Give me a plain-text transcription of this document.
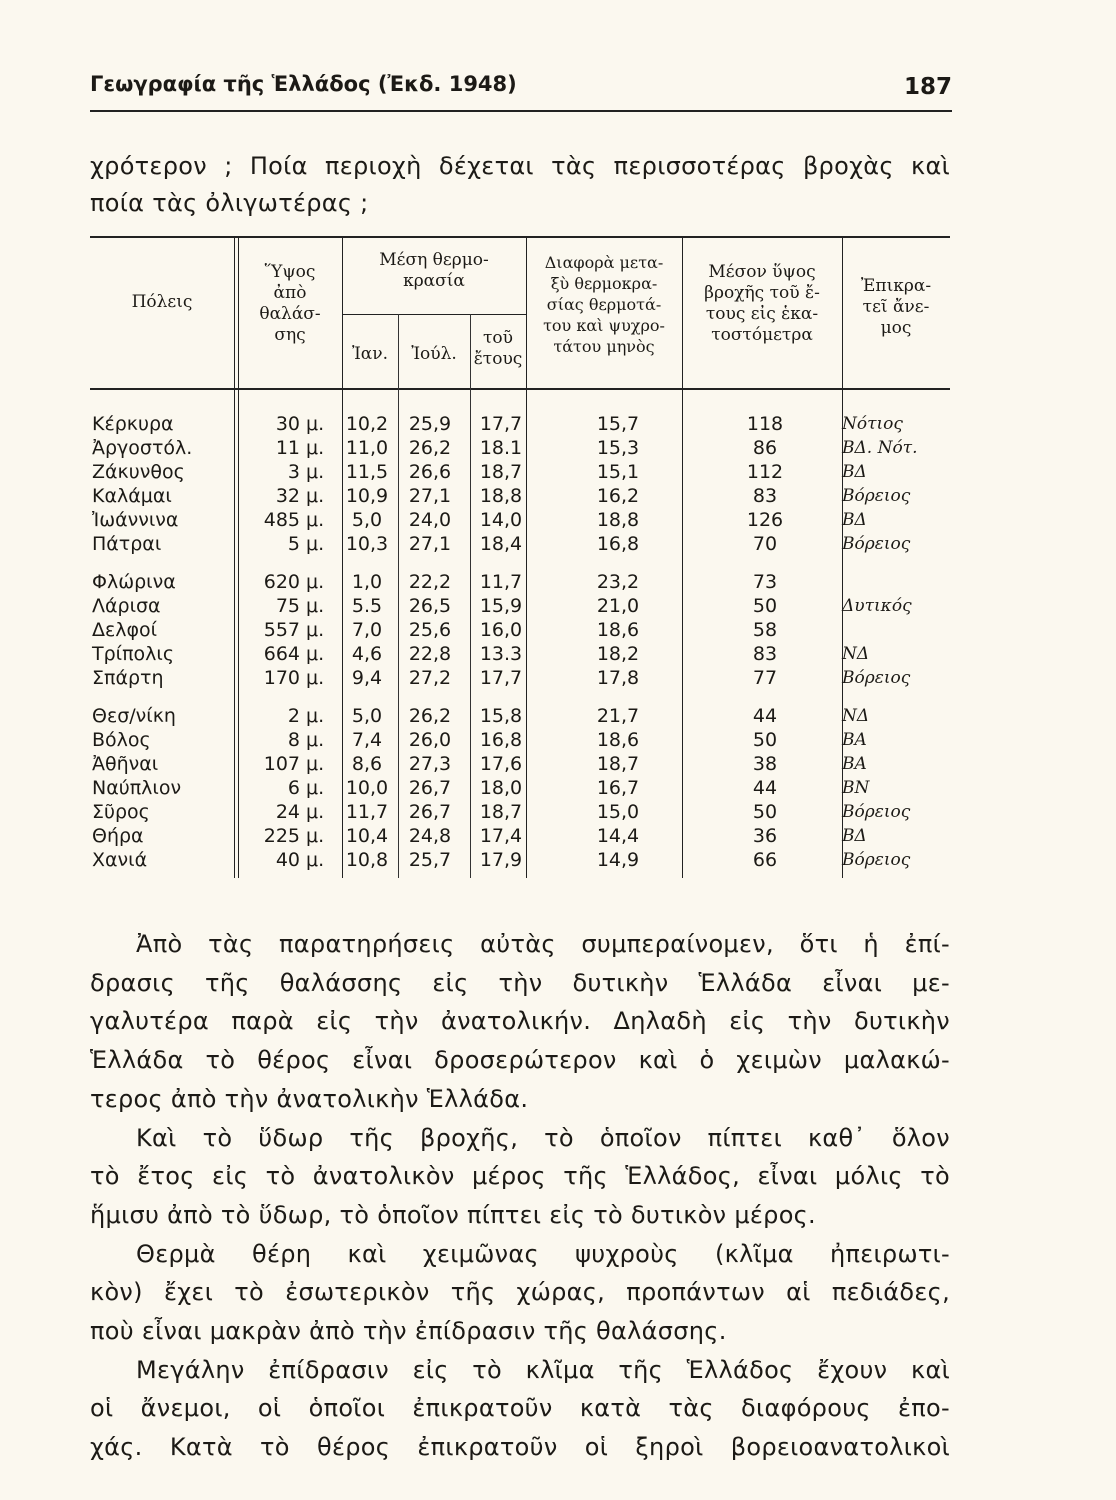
Γεωγραφία τῆς Ἑλλάδος (Ἐκδ. 1948)	187

χρότερον ; Ποία περιοχὴ δέχεται τὰς περισσοτέρας βροχὰς καὶ

ποία τὰς ὀλιγωτέρας ;

Πόλεις
Ὕψος
ἀπὸ
θαλάσ-
σης
Μέση θερμο-
κρασία
Ἰαν.	Ἰούλ.
τοῦ
ἔτους
Διαφορὰ μετα-
ξὺ θερμοκρα-
σίας θερμοτά-
του καὶ ψυχρο-
τάτου μηνὸς
Μέσον ὕψος
βροχῆς τοῦ ἔ-
τους εἰς ἑκα-
τοστόμετρα
Ἐπικρα-
τεῖ ἄνε-
μος
Κέρκυρα	30 μ. 10,2	25,9	17,7	15,7	118	Νότιος
Ἀργοστόλ.	11 μ. 11,0	26,2	18.1	15,3	86	ΒΔ. Νότ.
Ζάκυνθος	3 μ. 11,5	26,6	18,7	15,1	112	ΒΔ
Καλάμαι	32 μ. 10,9	27,1	18,8	16,2	83	Βόρειος
Ἰωάννινα	485 μ.	5,0	24,0	14,0	18,8	126	ΒΔ
Πάτραι	5 μ. 10,3	27,1	18,4	16,8	70	Βόρειος
Φλώρινα	620 μ.	1,0	22,2	11,7	23,2	73
Λάρισα	75 μ.	5.5	26,5	15,9	21,0	50	Δυτικός
Δελφοί	557 μ.	7,0	25,6	16,0	18,6	58
Τρίπολις	664 μ.	4,6	22,8	13.3	18,2	83	ΝΔ
Σπάρτη	170 μ.	9,4	27,2	17,7	17,8	77	Βόρειος
Θεσ/νίκη	2 μ.	5,0	26,2	15,8	21,7	44	ΝΔ
Βόλος	8 μ.	7,4	26,0	16,8	18,6	50	ΒΑ
Ἀθῆναι	107 μ.	8,6	27,3	17,6	18,7	38	ΒΑ
Ναύπλιον	6 μ. 10,0	26,7	18,0	16,7	44	ΒΝ
Σῦρος	24 μ. 11,7	26,7	18,7	15,0	50	Βόρειος
Θήρα	225 μ. 10,4	24,8	17,4	14,4	36	ΒΔ
Χανιά	40 μ. 10,8	25,7	17,9	14,9	66	Βόρειος

Ἀπὸ τὰς παρατηρήσεις αὐτὰς συμπεραίνομεν, ὅτι ἡ ἐπί-
δρασις τῆς θαλάσσης εἰς τὴν δυτικὴν Ἑλλάδα εἶναι με-
γαλυτέρα παρὰ εἰς τὴν ἀνατολικήν. Δηλαδὴ εἰς τὴν δυτικὴν
Ἑλλάδα τὸ θέρος εἶναι δροσερώτερον καὶ ὁ χειμὼν μαλακώ-
τερος ἀπὸ τὴν ἀνατολικὴν Ἑλλάδα.

Καὶ τὸ ὕδωρ τῆς βροχῆς, τὸ ὁποῖον πίπτει καθ᾽ ὅλον
τὸ ἔτος εἰς τὸ ἀνατολικὸν μέρος τῆς Ἑλλάδος, εἶναι μόλις τὸ
ἥμισυ ἀπὸ τὸ ὕδωρ, τὸ ὁποῖον πίπτει εἰς τὸ δυτικὸν μέρος.

Θερμὰ θέρη καὶ χειμῶνας ψυχροὺς (κλῖμα ἠπειρωτι-
κὸν) ἔχει τὸ ἐσωτερικὸν τῆς χώρας, προπάντων αἱ πεδιάδες,
ποὺ εἶναι μακρὰν ἀπὸ τὴν ἐπίδρασιν τῆς θαλάσσης.

Μεγάλην ἐπίδρασιν εἰς τὸ κλῖμα τῆς Ἑλλάδος ἔχουν καὶ
οἱ ἄνεμοι, οἱ ὁποῖοι ἐπικρατοῦν κατὰ τὰς διαφόρους ἐπο-
χάς. Κατὰ τὸ θέρος ἐπικρατοῦν οἱ ξηροὶ βορειοανατολικοὶ
